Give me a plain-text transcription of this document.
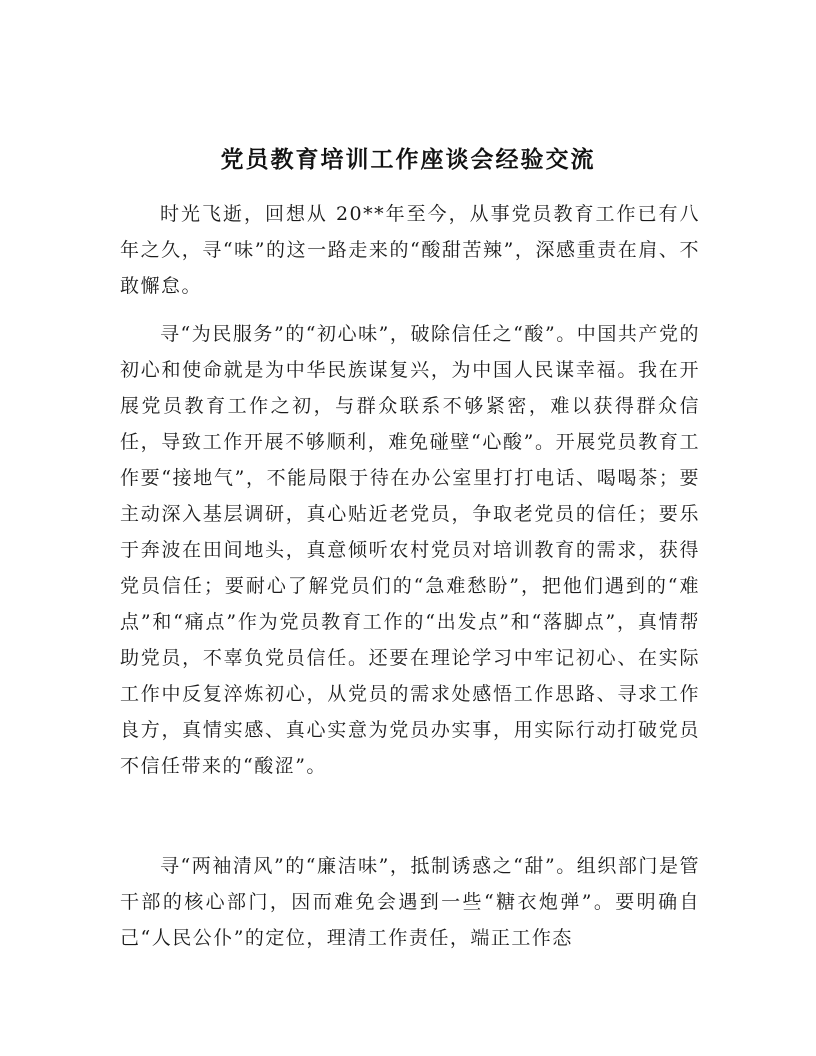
党员教育培训工作座谈会经验交流

时光飞逝，回想从 20**年至今，从事党员教育工作已有八年之久，寻“味”的这一路走来的“酸甜苦辣”，深感重责在肩、不敢懈怠。

寻“为民服务”的“初心味”，破除信任之“酸”。中国共产党的初心和使命就是为中华民族谋复兴，为中国人民谋幸福。我在开展党员教育工作之初，与群众联系不够紧密，难以获得群众信任，导致工作开展不够顺利，难免碰壁“心酸”。开展党员教育工作要“接地气”，不能局限于待在办公室里打打电话、喝喝茶；要主动深入基层调研，真心贴近老党员，争取老党员的信任；要乐于奔波在田间地头，真意倾听农村党员对培训教育的需求，获得党员信任；要耐心了解党员们的“急难愁盼”，把他们遇到的“难点”和“痛点”作为党员教育工作的“出发点”和“落脚点”，真情帮助党员，不辜负党员信任。还要在理论学习中牢记初心、在实际工作中反复淬炼初心，从党员的需求处感悟工作思路、寻求工作良方，真情实感、真心实意为党员办实事，用实际行动打破党员不信任带来的“酸涩”。

寻“两袖清风”的“廉洁味”，抵制诱惑之“甜”。组织部门是管干部的核心部门，因而难免会遇到一些“糖衣炮弹”。要明确自己“人民公仆”的定位，理清工作责任，端正工作态
